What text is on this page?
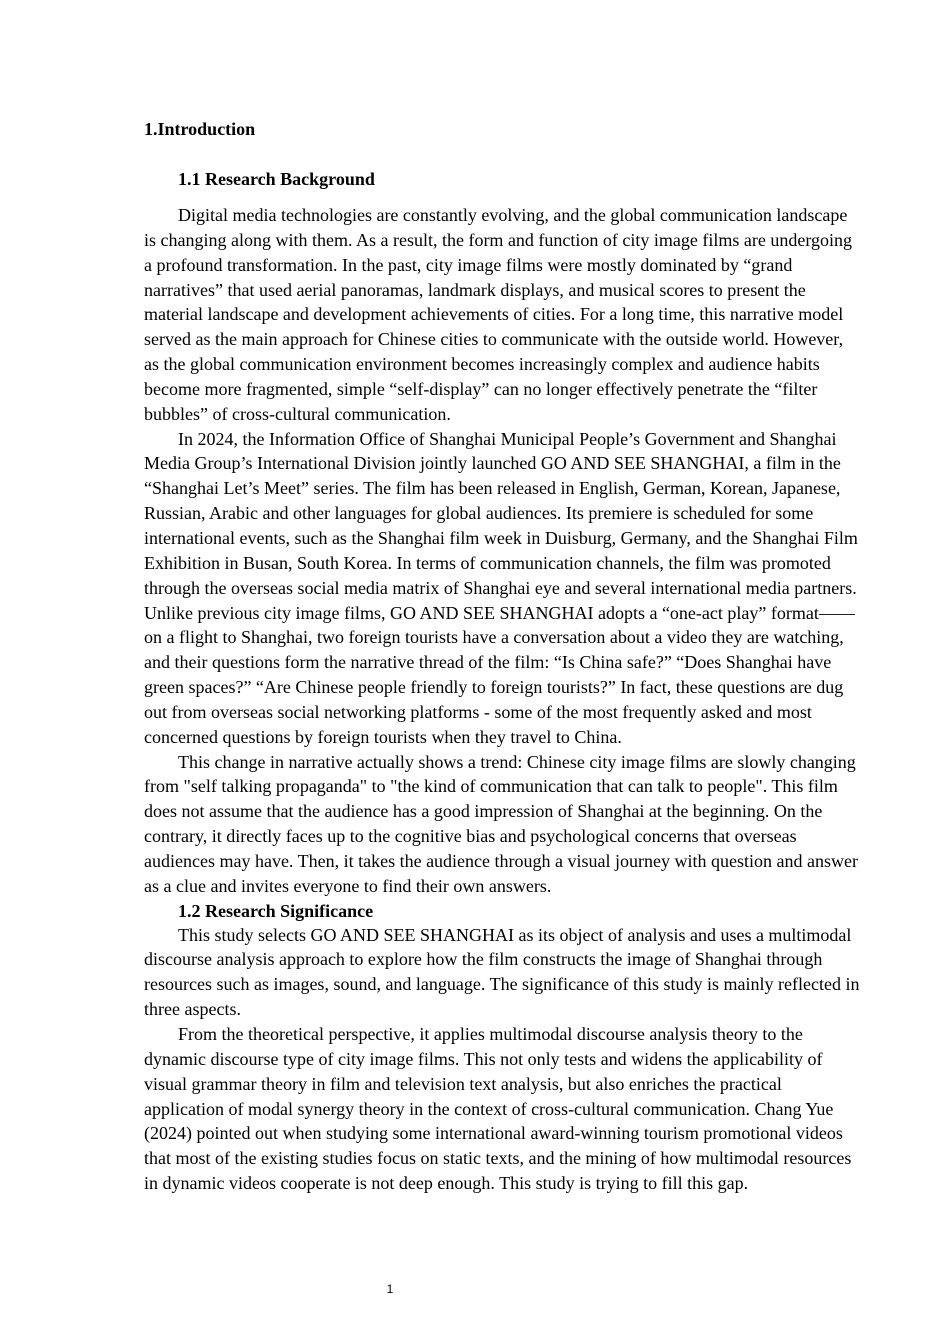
1.Introduction
1.1 Research Background

Digital media technologies are constantly evolving, and the global communication landscape is changing along with them. As a result, the form and function of city image films are undergoing a profound transformation. In the past, city image films were mostly dominated by “grand narratives” that used aerial panoramas, landmark displays, and musical scores to present the material landscape and development achievements of cities. For a long time, this narrative model served as the main approach for Chinese cities to communicate with the outside world. However, as the global communication environment becomes increasingly complex and audience habits become more fragmented, simple “self-display” can no longer effectively penetrate the “filter bubbles” of cross-cultural communication.

In 2024, the Information Office of Shanghai Municipal People’s Government and Shanghai Media Group’s International Division jointly launched GO AND SEE SHANGHAI, a film in the “Shanghai Let’s Meet” series. The film has been released in English, German, Korean, Japanese, Russian, Arabic and other languages for global audiences. Its premiere is scheduled for some international events, such as the Shanghai film week in Duisburg, Germany, and the Shanghai Film Exhibition in Busan, South Korea. In terms of communication channels, the film was promoted through the overseas social media matrix of Shanghai eye and several international media partners. Unlike previous city image films, GO AND SEE SHANGHAI adopts a “one-act play” format——on a flight to Shanghai, two foreign tourists have a conversation about a video they are watching, and their questions form the narrative thread of the film: “Is China safe?” “Does Shanghai have green spaces?” “Are Chinese people friendly to foreign tourists?” In fact, these questions are dug out from overseas social networking platforms - some of the most frequently asked and most concerned questions by foreign tourists when they travel to China.

This change in narrative actually shows a trend: Chinese city image films are slowly changing from "self talking propaganda" to "the kind of communication that can talk to people". This film does not assume that the audience has a good impression of Shanghai at the beginning. On the contrary, it directly faces up to the cognitive bias and psychological concerns that overseas audiences may have. Then, it takes the audience through a visual journey with question and answer as a clue and invites everyone to find their own answers.

1.2 Research Significance

This study selects GO AND SEE SHANGHAI as its object of analysis and uses a multimodal discourse analysis approach to explore how the film constructs the image of Shanghai through resources such as images, sound, and language. The significance of this study is mainly reflected in three aspects.

From the theoretical perspective, it applies multimodal discourse analysis theory to the dynamic discourse type of city image films. This not only tests and widens the applicability of visual grammar theory in film and television text analysis, but also enriches the practical application of modal synergy theory in the context of cross-cultural communication. Chang Yue (2024) pointed out when studying some international award-winning tourism promotional videos that most of the existing studies focus on static texts, and the mining of how multimodal resources in dynamic videos cooperate is not deep enough. This study is trying to fill this gap.

1
